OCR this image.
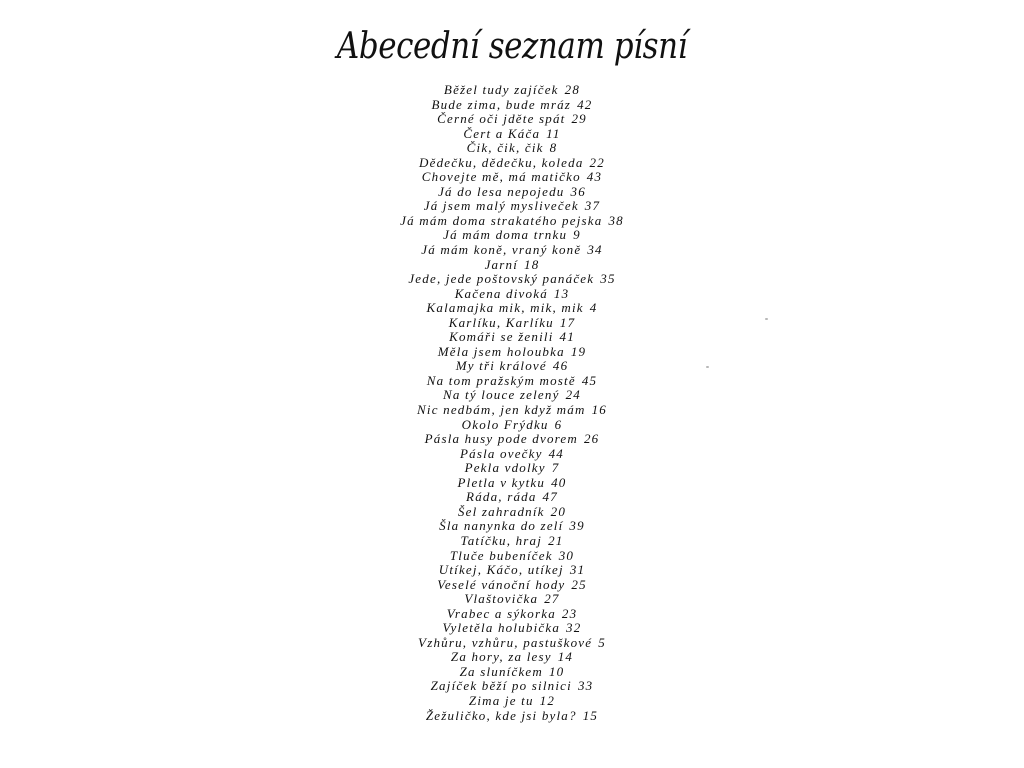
Abecední seznam písní
Běžel tudy zajíček 28
Bude zima, bude mráz 42
Černé oči jděte spát 29
Čert a Káča 11
Čik, čik, čik 8
Dědečku, dědečku, koleda 22
Chovejte mě, má matičko 43
Já do lesa nepojedu 36
Já jsem malý mysliveček 37
Já mám doma strakatého pejska 38
Já mám doma trnku 9
Já mám koně, vraný koně 34
Jarní 18
Jede, jede poštovský panáček 35
Kačena divoká 13
Kalamajka mik, mik, mik 4
Karlíku, Karlíku 17
Komáři se ženili 41
Měla jsem holoubka 19
My tři králové 46
Na tom pražským mostě 45
Na tý louce zelený 24
Nic nedbám, jen když mám 16
Okolo Frýdku 6
Pásla husy pode dvorem 26
Pásla ovečky 44
Pekla vdolky 7
Pletla v kytku 40
Ráda, ráda 47
Šel zahradník 20
Šla nanynka do zelí 39
Tatíčku, hraj 21
Tluče bubeníček 30
Utíkej, Káčo, utíkej 31
Veselé vánoční hody 25
Vlaštovička 27
Vrabec a sýkorka 23
Vyletěla holubička 32
Vzhůru, vzhůru, pastuškové 5
Za hory, za lesy 14
Za sluníčkem 10
Zajíček běží po silnici 33
Zima je tu 12
Žežuličko, kde jsi byla? 15
